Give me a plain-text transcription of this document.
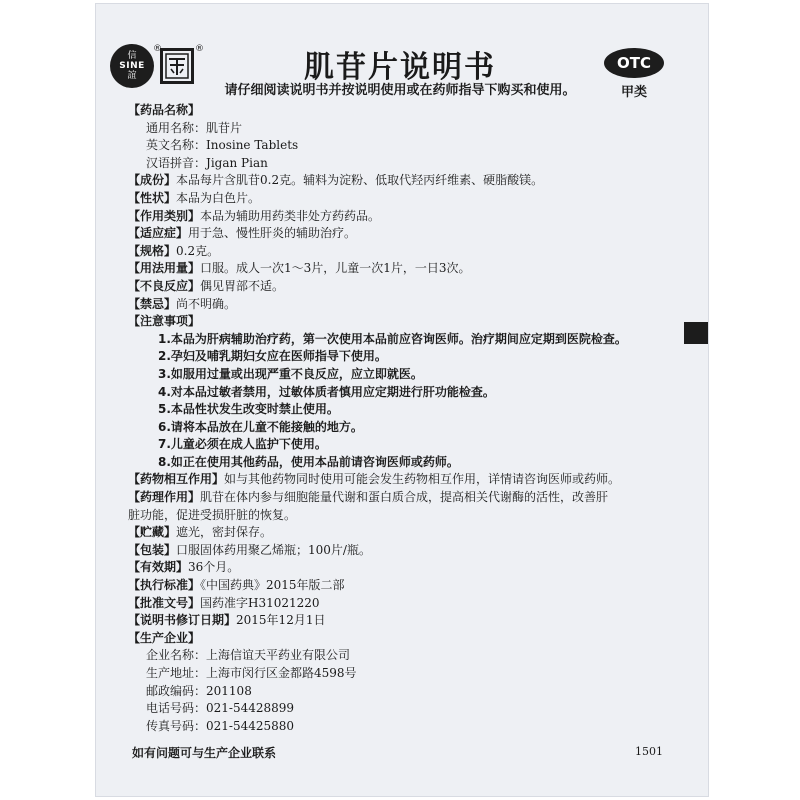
信
SINE
誼
®	®
肌苷片说明书
请仔细阅读说明书并按说明使用或在药师指导下购买和使用。
OTC
甲类
【药品名称】
通用名称：肌苷片
英文名称：Inosine Tablets
汉语拼音：Jigan Pian
【成份】本品每片含肌苷0.2克。辅料为淀粉、低取代羟丙纤维素、硬脂酸镁。
【性状】本品为白色片。
【作用类别】本品为辅助用药类非处方药药品。
【适应症】用于急、慢性肝炎的辅助治疗。
【规格】0.2克。
【用法用量】口服。成人一次1～3片，儿童一次1片，一日3次。
【不良反应】偶见胃部不适。
【禁忌】尚不明确。
【注意事项】
1.本品为肝病辅助治疗药，第一次使用本品前应咨询医师。治疗期间应定期到医院检查。
2.孕妇及哺乳期妇女应在医师指导下使用。
3.如服用过量或出现严重不良反应，应立即就医。
4.对本品过敏者禁用，过敏体质者慎用应定期进行肝功能检查。
5.本品性状发生改变时禁止使用。
6.请将本品放在儿童不能接触的地方。
7.儿童必须在成人监护下使用。
8.如正在使用其他药品，使用本品前请咨询医师或药师。
【药物相互作用】如与其他药物同时使用可能会发生药物相互作用，详情请咨询医师或药师。
【药理作用】肌苷在体内参与细胞能量代谢和蛋白质合成，提高相关代谢酶的活性，改善肝
脏功能，促进受损肝脏的恢复。
【贮藏】遮光，密封保存。
【包装】口服固体药用聚乙烯瓶；100片/瓶。
【有效期】36个月。
【执行标准】《中国药典》2015年版二部
【批准文号】国药准字H31021220
【说明书修订日期】2015年12月1日
【生产企业】
企业名称：上海信谊天平药业有限公司
生产地址：上海市闵行区金都路4598号
邮政编码：201108
电话号码：021-54428899
传真号码：021-54425880
如有问题可与生产企业联系	1501
